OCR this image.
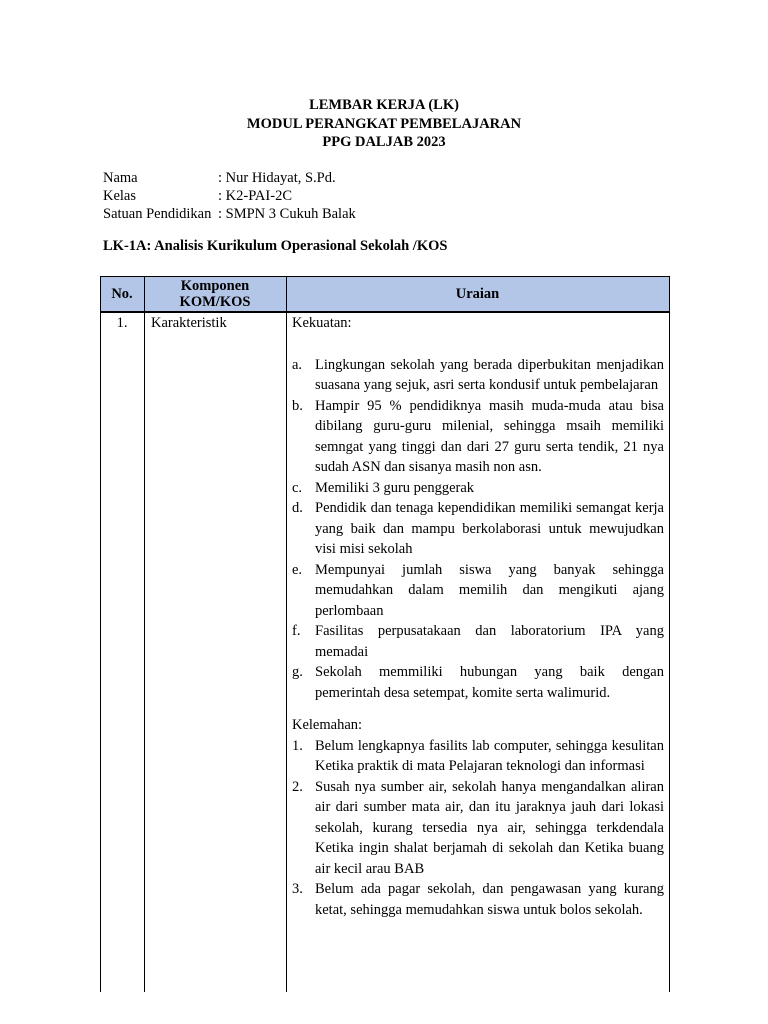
LEMBAR KERJA (LK)
MODUL PERANGKAT PEMBELAJARAN
PPG DALJAB 2023
Nama	: Nur Hidayat, S.Pd.
Kelas	: K2-PAI-2C
Satuan Pendidikan : SMPN 3 Cukuh Balak
LK-1A: Analisis Kurikulum Operasional Sekolah /KOS
No.	Komponen KOM/KOS	Uraian
1.	Karakteristik	Kekuatan:
a. Lingkungan sekolah yang berada diperbukitan menjadikan suasana yang sejuk, asri serta kondusif untuk pembelajaran
b. Hampir 95 % pendidiknya masih muda-muda atau bisa dibilang guru-guru milenial, sehingga msaih memiliki semngat yang tinggi dan dari 27 guru serta tendik, 21 nya sudah ASN dan sisanya masih non asn.
c. Memiliki 3 guru penggerak
d. Pendidik dan tenaga kependidikan memiliki semangat kerja yang baik dan mampu berkolaborasi untuk mewujudkan visi misi sekolah
e. Mempunyai jumlah siswa yang banyak sehingga memudahkan dalam memilih dan mengikuti ajang perlombaan
f. Fasilitas perpusatakaan dan laboratorium IPA yang memadai
g. Sekolah memmiliki hubungan yang baik dengan pemerintah desa setempat, komite serta walimurid.
Kelemahan:
1. Belum lengkapnya fasilits lab computer, sehingga kesulitan Ketika praktik di mata Pelajaran teknologi dan informasi
2. Susah nya sumber air, sekolah hanya mengandalkan aliran air dari sumber mata air, dan itu jaraknya jauh dari lokasi sekolah, kurang tersedia nya air, sehingga terkdendala Ketika ingin shalat berjamah di sekolah dan Ketika buang air kecil arau BAB
3. Belum ada pagar sekolah, dan pengawasan yang kurang ketat, sehingga memudahkan siswa untuk bolos sekolah.
